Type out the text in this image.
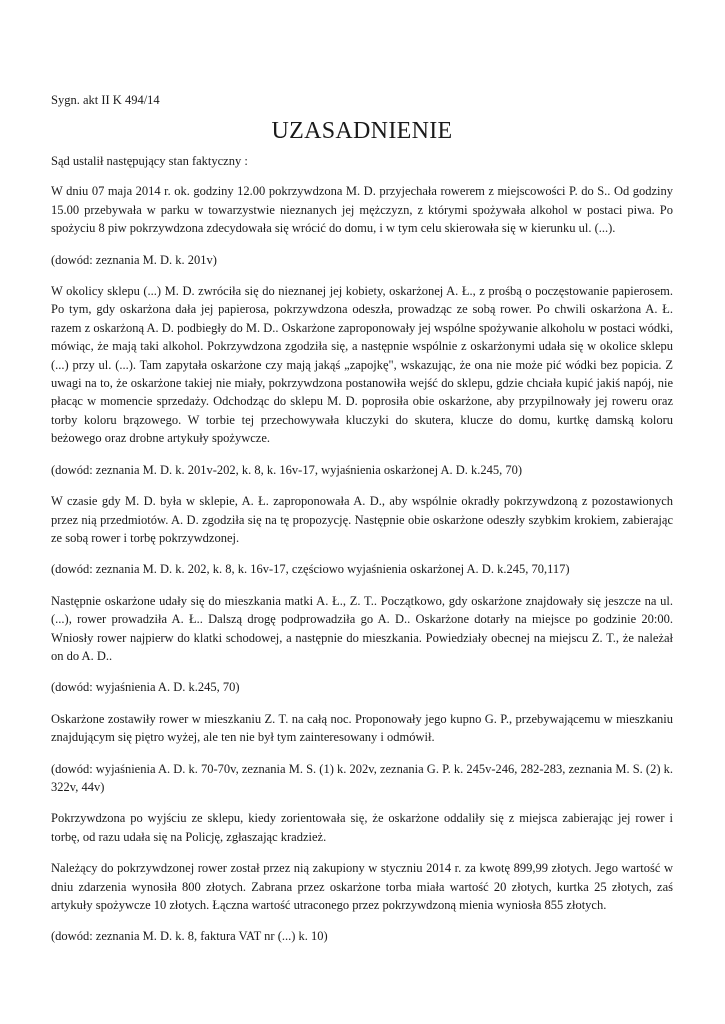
Sygn. akt II K 494/14
UZASADNIENIE
Sąd ustalił następujący stan faktyczny :
W dniu 07 maja 2014 r. ok. godziny 12.00 pokrzywdzona M. D. przyjechała rowerem z miejscowości P. do S.. Od godziny 15.00 przebywała w parku w towarzystwie nieznanych jej mężczyzn, z którymi spożywała alkohol w postaci piwa. Po spożyciu 8 piw pokrzywdzona zdecydowała się wrócić do domu, i w tym celu skierowała się w kierunku ul. (...).
(dowód: zeznania M. D. k. 201v)
W okolicy sklepu (...) M. D. zwróciła się do nieznanej jej kobiety, oskarżonej A. Ł., z prośbą o poczęstowanie papierosem. Po tym, gdy oskarżona dała jej papierosa, pokrzywdzona odeszła, prowadząc ze sobą rower. Po chwili oskarżona A. Ł. razem z oskarżoną A. D. podbiegły do M. D.. Oskarżone zaproponowały jej wspólne spożywanie alkoholu w postaci wódki, mówiąc, że mają taki alkohol. Pokrzywdzona zgodziła się, a następnie wspólnie z oskarżonymi udała się w okolice sklepu (...) przy ul. (...). Tam zapytała oskarżone czy mają jakąś „zapojkę", wskazując, że ona nie może pić wódki bez popicia. Z uwagi na to, że oskarżone takiej nie miały, pokrzywdzona postanowiła wejść do sklepu, gdzie chciała kupić jakiś napój, nie płacąc w momencie sprzedaży. Odchodząc do sklepu M. D. poprosiła obie oskarżone, aby przypilnowały jej roweru oraz torby koloru brązowego. W torbie tej przechowywała kluczyki do skutera, klucze do domu, kurtkę damską koloru beżowego oraz drobne artykuły spożywcze.
(dowód: zeznania M. D. k. 201v-202, k. 8, k. 16v-17, wyjaśnienia oskarżonej A. D. k.245, 70)
W czasie gdy M. D. była w sklepie, A. Ł. zaproponowała A. D., aby wspólnie okradły pokrzywdzoną z pozostawionych przez nią przedmiotów. A. D. zgodziła się na tę propozycję. Następnie obie oskarżone odeszły szybkim krokiem, zabierając ze sobą rower i torbę pokrzywdzonej.
(dowód: zeznania M. D. k. 202, k. 8, k. 16v-17, częściowo wyjaśnienia oskarżonej A. D. k.245, 70,117)
Następnie oskarżone udały się do mieszkania matki A. Ł., Z. T.. Początkowo, gdy oskarżone znajdowały się jeszcze na ul. (...), rower prowadziła A. Ł.. Dalszą drogę podprowadziła go A. D.. Oskarżone dotarły na miejsce po godzinie 20:00. Wniosły rower najpierw do klatki schodowej, a następnie do mieszkania. Powiedziały obecnej na miejscu Z. T., że należał on do A. D..
(dowód: wyjaśnienia A. D. k.245, 70)
Oskarżone zostawiły rower w mieszkaniu Z. T. na całą noc. Proponowały jego kupno G. P., przebywającemu w mieszkaniu znajdującym się piętro wyżej, ale ten nie był tym zainteresowany i odmówił.
(dowód: wyjaśnienia A. D. k. 70-70v, zeznania M. S. (1) k. 202v, zeznania G. P. k. 245v-246, 282-283, zeznania M. S. (2) k. 322v, 44v)
Pokrzywdzona po wyjściu ze sklepu, kiedy zorientowała się, że oskarżone oddaliły się z miejsca zabierając jej rower i torbę, od razu udała się na Policję, zgłaszając kradzież.
Należący do pokrzywdzonej rower został przez nią zakupiony w styczniu 2014 r. za kwotę 899,99 złotych. Jego wartość w dniu zdarzenia wynosiła 800 złotych. Zabrana przez oskarżone torba miała wartość 20 złotych, kurtka 25 złotych, zaś artykuły spożywcze 10 złotych. Łączna wartość utraconego przez pokrzywdzoną mienia wyniosła 855 złotych.
(dowód: zeznania M. D. k. 8, faktura VAT nr (...) k. 10)
